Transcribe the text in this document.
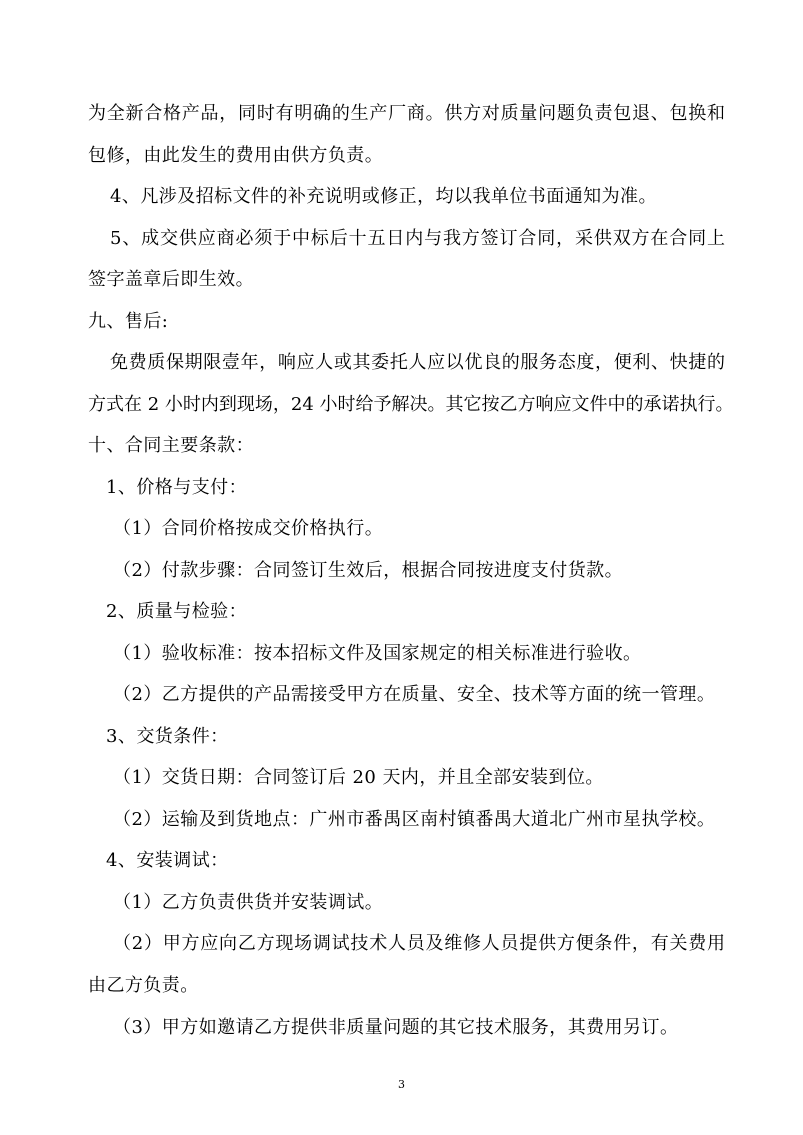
为全新合格产品，同时有明确的生产厂商。供方对质量问题负责包退、包换和
包修，由此发生的费用由供方负责。
4、凡涉及招标文件的补充说明或修正，均以我单位书面通知为准。
5、成交供应商必须于中标后十五日内与我方签订合同，采供双方在合同上
签字盖章后即生效。
九、售后:
免费质保期限壹年，响应人或其委托人应以优良的服务态度，便利、快捷的
方式在 2 小时内到现场，24 小时给予解决。其它按乙方响应文件中的承诺执行。
十、合同主要条款：
1、价格与支付：
（1）合同价格按成交价格执行。
（2）付款步骤：合同签订生效后，根据合同按进度支付货款。
2、质量与检验：
（1）验收标准：按本招标文件及国家规定的相关标准进行验收。
（2）乙方提供的产品需接受甲方在质量、安全、技术等方面的统一管理。
3、交货条件：
（1）交货日期：合同签订后 20 天内，并且全部安装到位。
（2）运输及到货地点：广州市番禺区南村镇番禺大道北广州市星执学校。
4、安装调试：
（1）乙方负责供货并安装调试。
（2）甲方应向乙方现场调试技术人员及维修人员提供方便条件，有关费用
由乙方负责。
（3）甲方如邀请乙方提供非质量问题的其它技术服务，其费用另订。
3
